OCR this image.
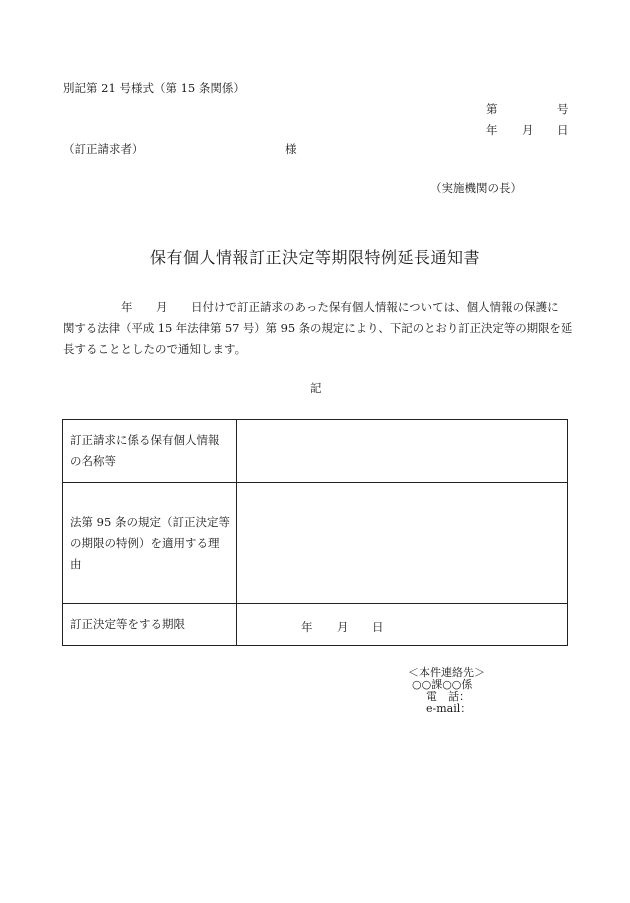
別記第 21 号様式（第 15 条関係）
第	号
年 月 日
（訂正請求者）	様
（実施機関の長）
保有個人情報訂正決定等期限特例延長通知書
年 月 日付けで訂正請求のあった保有個人情報については、個人情報の保護に
関する法律（平成 15 年法律第 57 号）第 95 条の規定により、下記のとおり訂正決定等の期限を延
長することとしたので通知します。
記
訂正請求に係る保有個人情報
の名称等	

法第 95 条の規定（訂正決定等
の期限の特例）を適用する理
由	

訂正決定等をする期限	年 月 日
＜本件連絡先＞
○○課○○係
電　話：
e-mail：
